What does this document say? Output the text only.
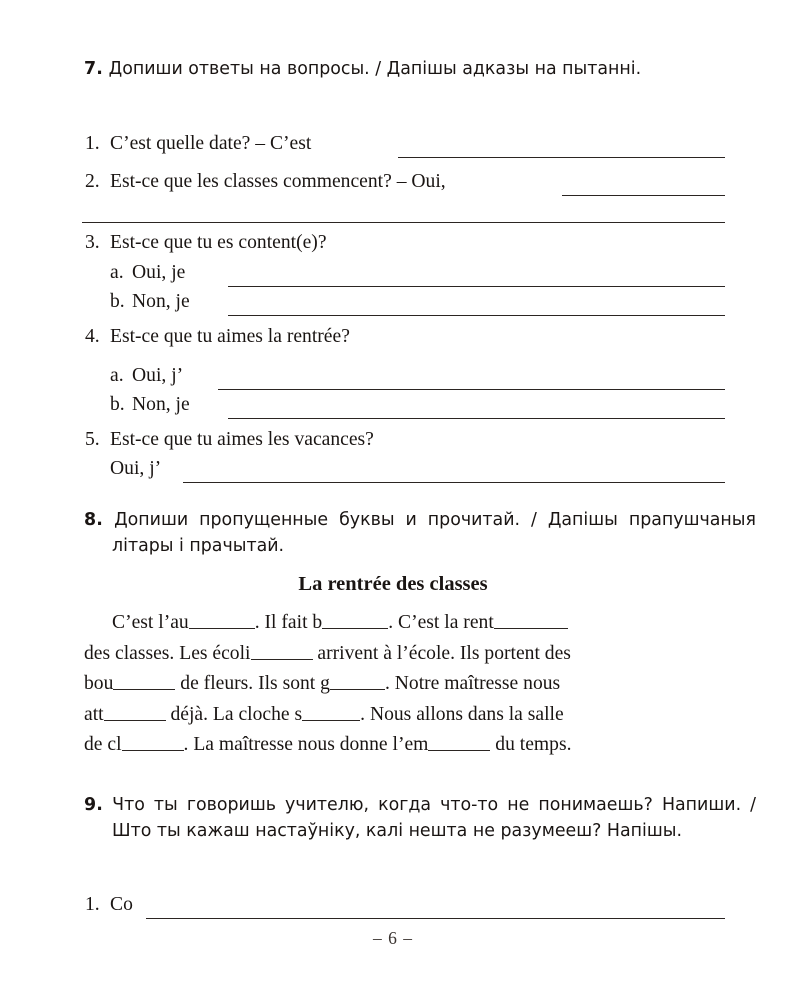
7. Допиши ответы на вопросы. / Дапішы адказы на пытанні.
1. C’est quelle date? – C’est
2. Est-ce que les classes commencent? – Oui,
3. Est-ce que tu es content(e)?
a. Oui, je
b. Non, je
4. Est-ce que tu aimes la rentrée?
a. Oui, j’
b. Non, je
5. Est-ce que tu aimes les vacances?
Oui, j’
8. Допиши пропущенные буквы и прочитай. / Дапішы прапушчаныя літары і прачытай.
La rentrée des classes
C’est l’au	. Il fait b	. C’est la rent
des classes. Les écoli	arrivent à l’école. Ils portent des
bou	de fleurs. Ils sont g	. Notre maîtresse nous
att	déjà. La cloche s	. Nous allons dans la salle
de cl	. La maîtresse nous donne l’em	du temps.
9. Что ты говоришь учителю, когда что-то не понимаешь? Напиши. / Што ты кажаш настаўніку, калі нешта не разумееш? Напішы.
1. Co
– 6 –
